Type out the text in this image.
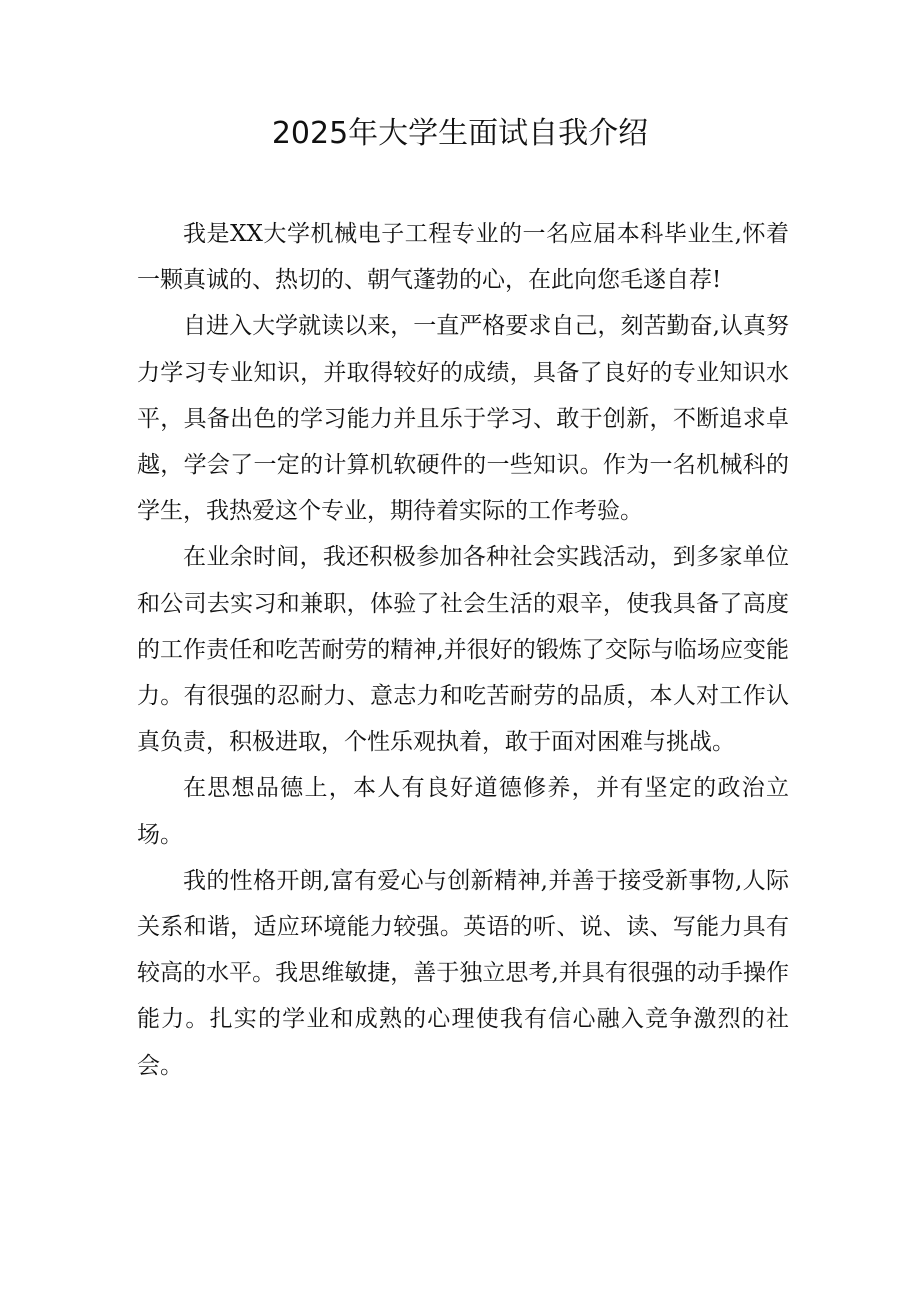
2025年大学生面试自我介绍

我是XX大学机械电子工程专业的一名应届本科毕业生,怀着一颗真诚的、热切的、朝气蓬勃的心，在此向您毛遂自荐!

自进入大学就读以来，一直严格要求自己，刻苦勤奋,认真努力学习专业知识，并取得较好的成绩，具备了良好的专业知识水平，具备出色的学习能力并且乐于学习、敢于创新，不断追求卓越，学会了一定的计算机软硬件的一些知识。作为一名机械科的学生，我热爱这个专业，期待着实际的工作考验。

在业余时间，我还积极参加各种社会实践活动，到多家单位和公司去实习和兼职，体验了社会生活的艰辛，使我具备了高度的工作责任和吃苦耐劳的精神,并很好的锻炼了交际与临场应变能力。有很强的忍耐力、意志力和吃苦耐劳的品质，本人对工作认真负责，积极进取，个性乐观执着，敢于面对困难与挑战。

在思想品德上，本人有良好道德修养，并有坚定的政治立场。

我的性格开朗,富有爱心与创新精神,并善于接受新事物,人际关系和谐，适应环境能力较强。英语的听、说、读、写能力具有较高的水平。我思维敏捷，善于独立思考,并具有很强的动手操作能力。扎实的学业和成熟的心理使我有信心融入竞争激烈的社会。
